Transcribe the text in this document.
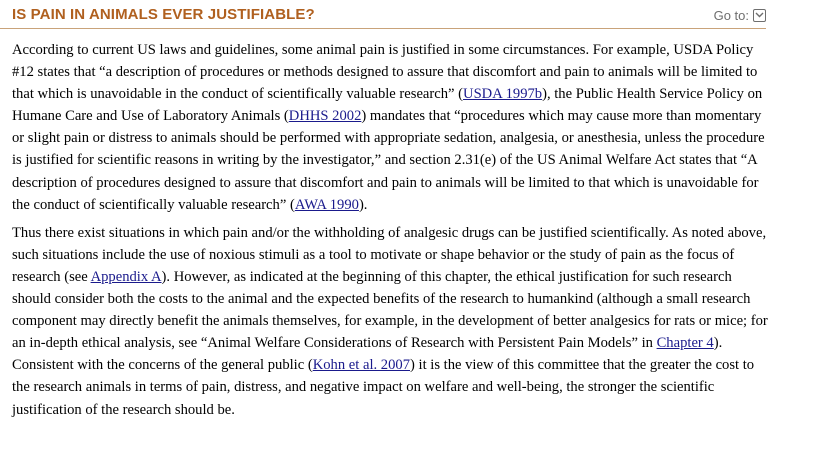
IS PAIN IN ANIMALS EVER JUSTIFIABLE?	Go to:

According to current US laws and guidelines, some animal pain is justified in some circumstances. For example, USDA Policy #12 states that “a description of procedures or methods designed to assure that discomfort and pain to animals will be limited to that which is unavoidable in the conduct of scientifically valuable research” (USDA 1997b), the Public Health Service Policy on Humane Care and Use of Laboratory Animals (DHHS 2002) mandates that “procedures which may cause more than momentary or slight pain or distress to animals should be performed with appropriate sedation, analgesia, or anesthesia, unless the procedure is justified for scientific reasons in writing by the investigator,” and section 2.31(e) of the US Animal Welfare Act states that “A description of procedures designed to assure that discomfort and pain to animals will be limited to that which is unavoidable for the conduct of scientifically valuable research” (AWA 1990).

Thus there exist situations in which pain and/or the withholding of analgesic drugs can be justified scientifically. As noted above, such situations include the use of noxious stimuli as a tool to motivate or shape behavior or the study of pain as the focus of research (see Appendix A). However, as indicated at the beginning of this chapter, the ethical justification for such research should consider both the costs to the animal and the expected benefits of the research to humankind (although a small research component may directly benefit the animals themselves, for example, in the development of better analgesics for rats or mice; for an in-depth ethical analysis, see “Animal Welfare Considerations of Research with Persistent Pain Models” in Chapter 4). Consistent with the concerns of the general public (Kohn et al. 2007) it is the view of this committee that the greater the cost to the research animals in terms of pain, distress, and negative impact on welfare and well-being, the stronger the scientific justification of the research should be.
